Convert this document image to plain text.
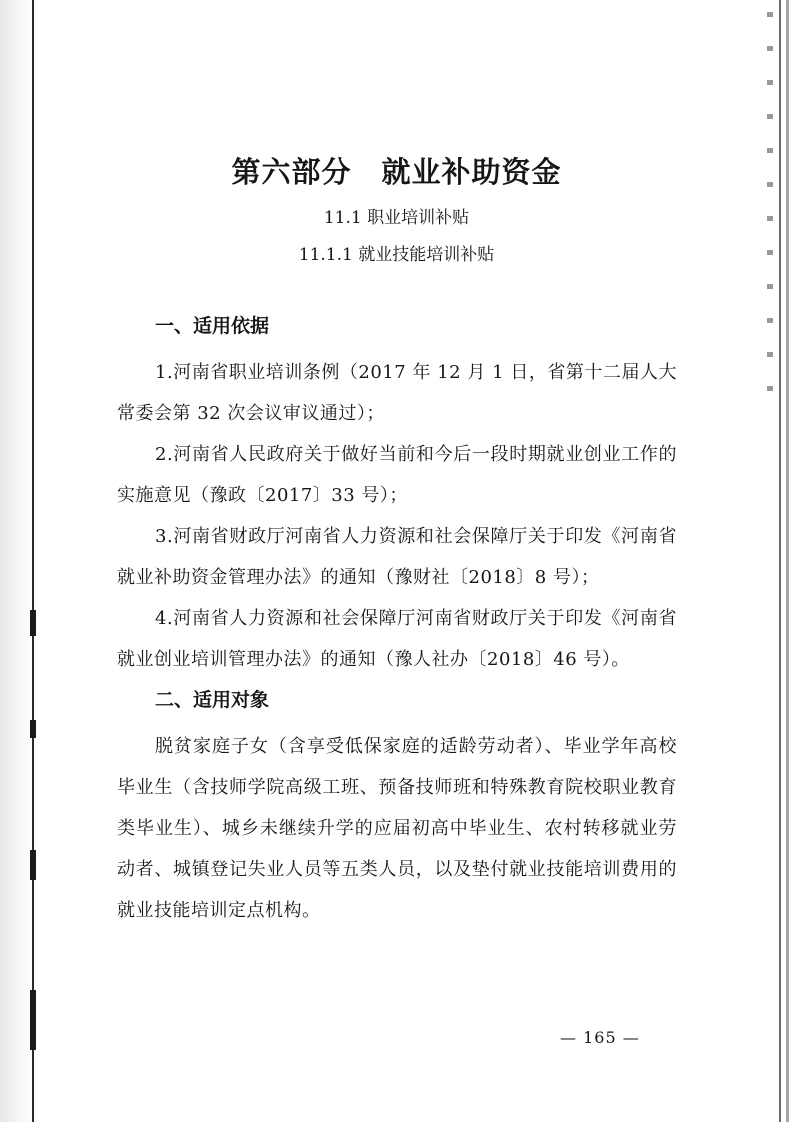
第六部分　就业补助资金

11.1 职业培训补贴

11.1.1 就业技能培训补贴

一、适用依据

1.河南省职业培训条例（2017 年 12 月 1 日，省第十二届人大常委会第 32 次会议审议通过）；

2.河南省人民政府关于做好当前和今后一段时期就业创业工作的实施意见（豫政〔2017〕33 号）；

3.河南省财政厅河南省人力资源和社会保障厅关于印发《河南省就业补助资金管理办法》的通知（豫财社〔2018〕8 号）；

4.河南省人力资源和社会保障厅河南省财政厅关于印发《河南省就业创业培训管理办法》的通知（豫人社办〔2018〕46 号）。

二、适用对象

脱贫家庭子女（含享受低保家庭的适龄劳动者）、毕业学年高校毕业生（含技师学院高级工班、预备技师班和特殊教育院校职业教育类毕业生）、城乡未继续升学的应届初高中毕业生、农村转移就业劳动者、城镇登记失业人员等五类人员，以及垫付就业技能培训费用的就业技能培训定点机构。

— 165 —
